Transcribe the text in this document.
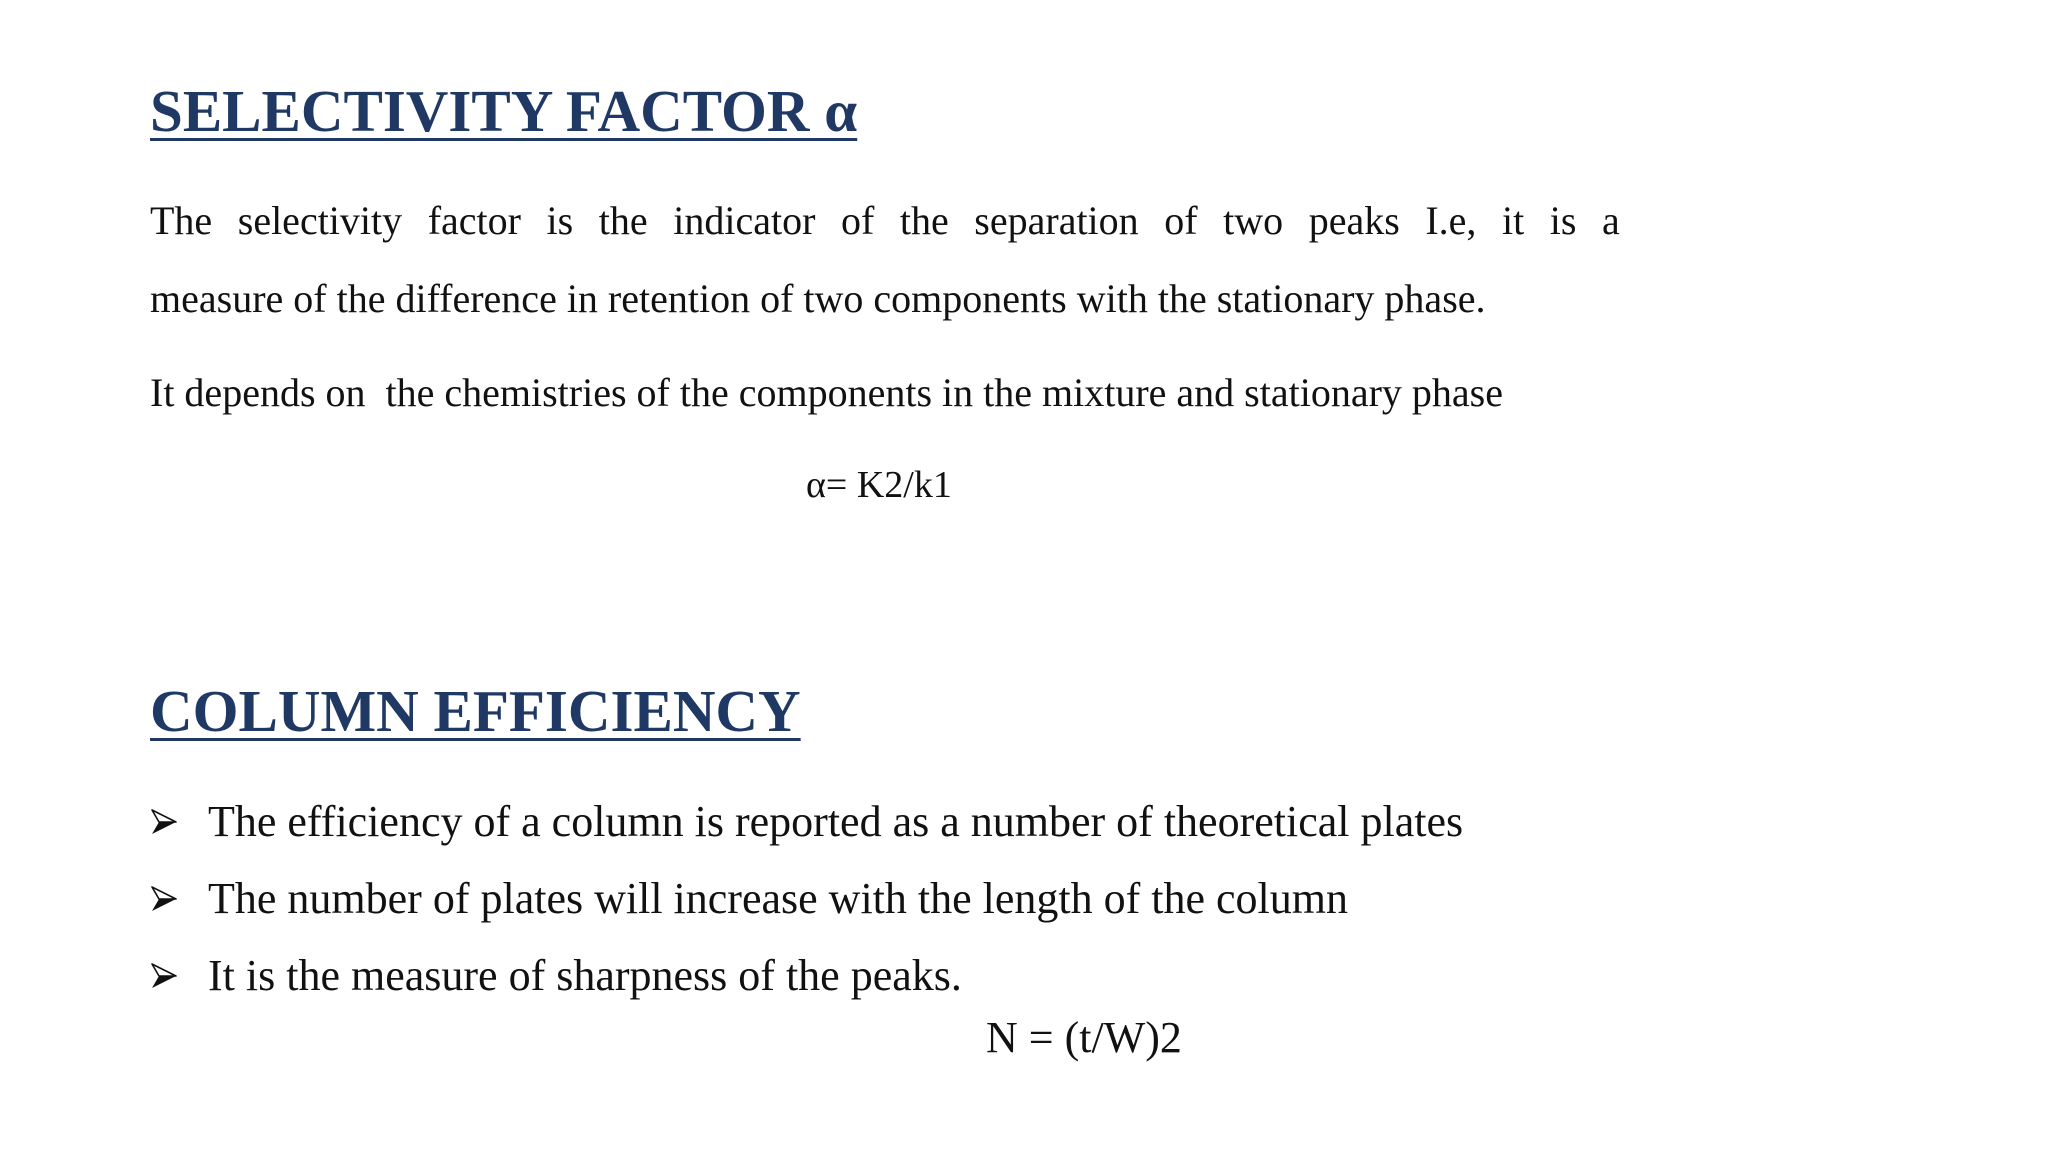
SELECTIVITY FACTOR α
The selectivity factor is the indicator of the separation of two peaks I.e, it is a

measure of the difference in retention of two components with the stationary phase.

It depends on  the chemistries of the components in the mixture and stationary phase

α= K2/k1

COLUMN EFFICIENCY
The efficiency of a column is reported as a number of theoretical plates
The number of plates will increase with the length of the column
It is the measure of sharpness of the peaks.

N = (t/W)2
